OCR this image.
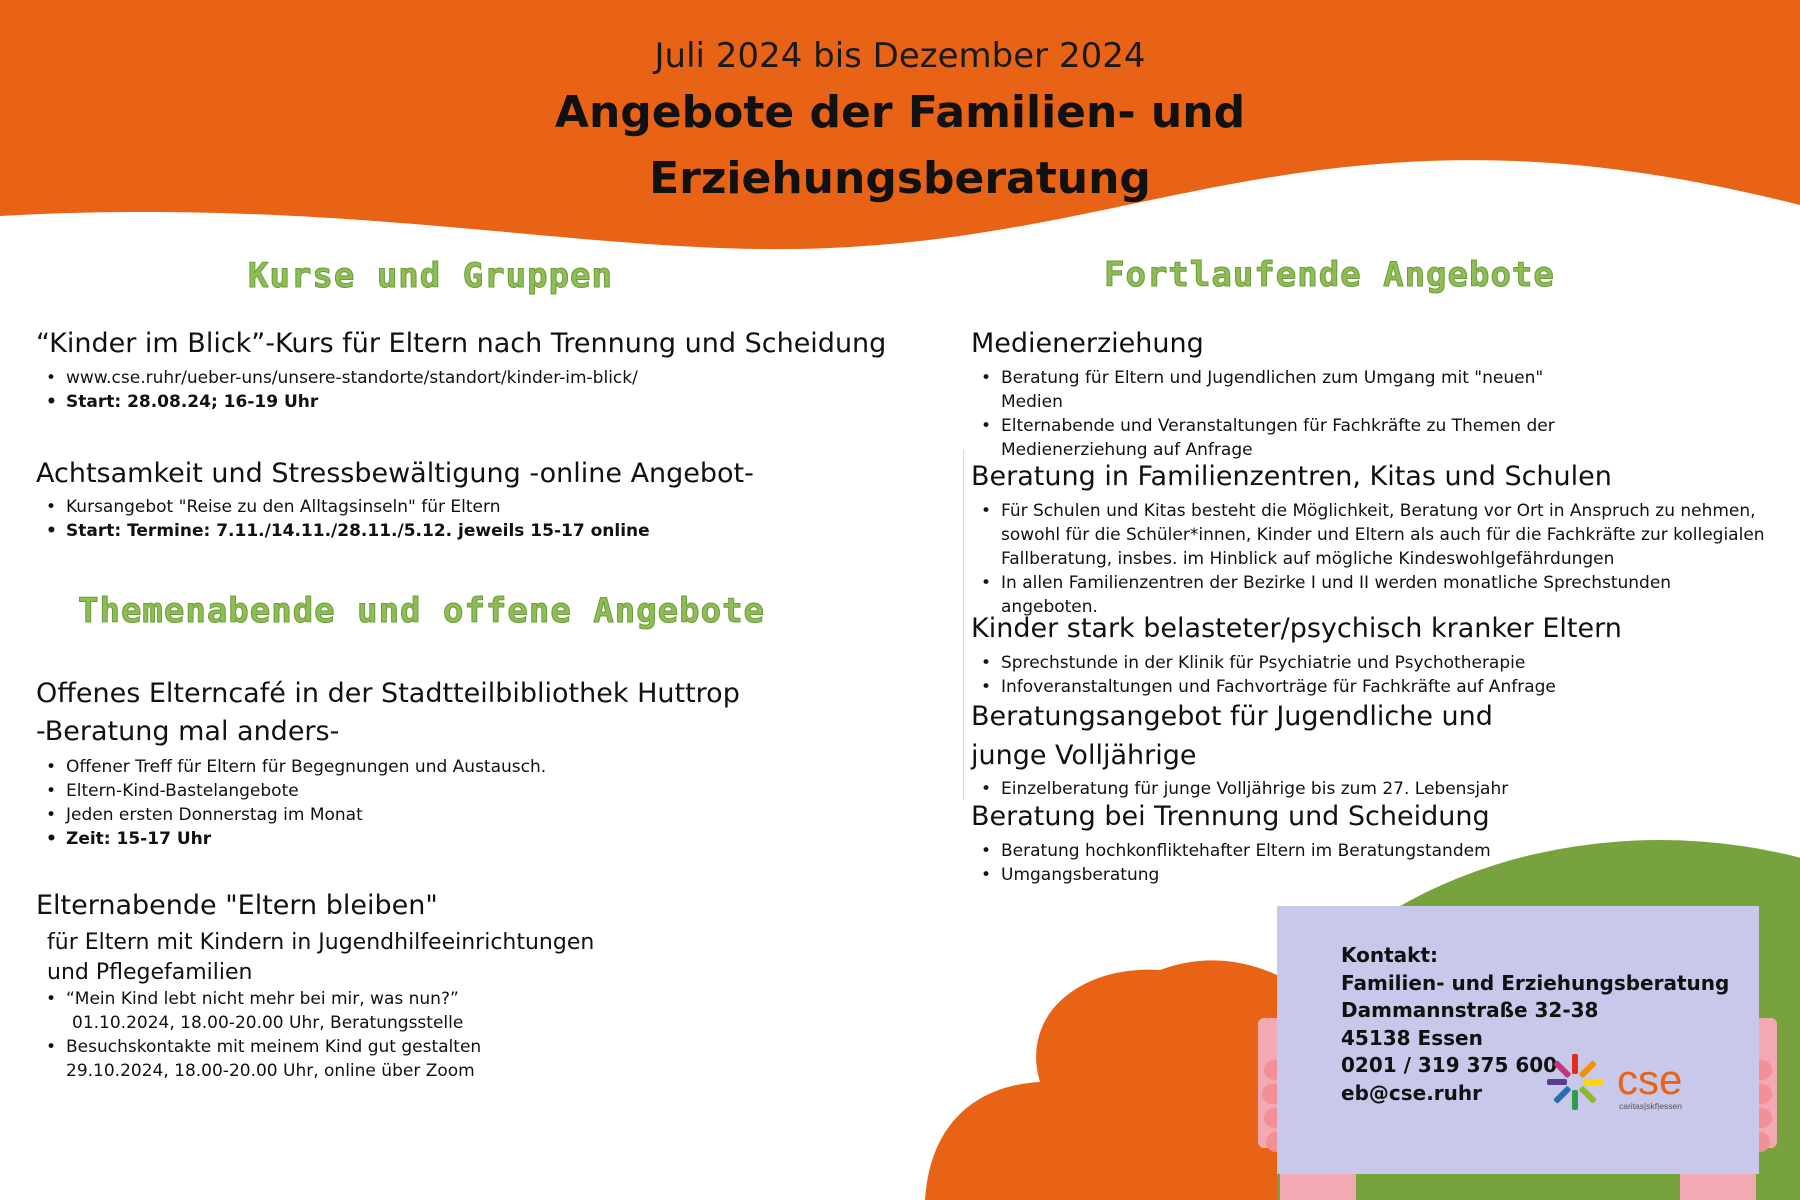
Juli 2024 bis Dezember 2024
Angebote der Familien- und
Erziehungsberatung
Kurse und Gruppen
“Kinder im Blick”-Kurs für Eltern nach Trennung und Scheidung
• www.cse.ruhr/ueber-uns/unsere-standorte/standort/kinder-im-blick/
• Start: 28.08.24; 16-19 Uhr
Achtsamkeit und Stressbewältigung -online Angebot-
• Kursangebot "Reise zu den Alltagsinseln" für Eltern
• Start: Termine: 7.11./14.11./28.11./5.12. jeweils 15-17 online
Themenabende und offene Angebote
Offenes Elterncafé in der Stadtteilbibliothek Huttrop
-Beratung mal anders-
• Offener Treff für Eltern für Begegnungen und Austausch.
• Eltern-Kind-Bastelangebote
• Jeden ersten Donnerstag im Monat
• Zeit: 15-17 Uhr
Elternabende "Eltern bleiben"
für Eltern mit Kindern in Jugendhilfeeinrichtungen
und Pflegefamilien
• “Mein Kind lebt nicht mehr bei mir, was nun?”
01.10.2024, 18.00-20.00 Uhr, Beratungsstelle
• Besuchskontakte mit meinem Kind gut gestalten
29.10.2024, 18.00-20.00 Uhr, online über Zoom
Fortlaufende Angebote
Medienerziehung
• Beratung für Eltern und Jugendlichen zum Umgang mit "neuen"
Medien
• Elternabende und Veranstaltungen für Fachkräfte zu Themen der
Medienerziehung auf Anfrage
Beratung in Familienzentren, Kitas und Schulen
• Für Schulen und Kitas besteht die Möglichkeit, Beratung vor Ort in Anspruch zu nehmen,
sowohl für die Schüler*innen, Kinder und Eltern als auch für die Fachkräfte zur kollegialen
Fallberatung, insbes. im Hinblick auf mögliche Kindeswohlgefährdungen
• In allen Familienzentren der Bezirke I und II werden monatliche Sprechstunden
angeboten.
Kinder stark belasteter/psychisch kranker Eltern
• Sprechstunde in der Klinik für Psychiatrie und Psychotherapie
• Infoveranstaltungen und Fachvorträge für Fachkräfte auf Anfrage
Beratungsangebot für Jugendliche und
junge Volljährige
• Einzelberatung für junge Volljährige bis zum 27. Lebensjahr
Beratung bei Trennung und Scheidung
• Beratung hochkonfliktehafter Eltern im Beratungstandem
• Umgangsberatung
Kontakt:
Familien- und Erziehungsberatung
Dammannstraße 32-38
45138 Essen
0201 / 319 375 600
eb@cse.ruhr	cse
caritas|skf|essen
